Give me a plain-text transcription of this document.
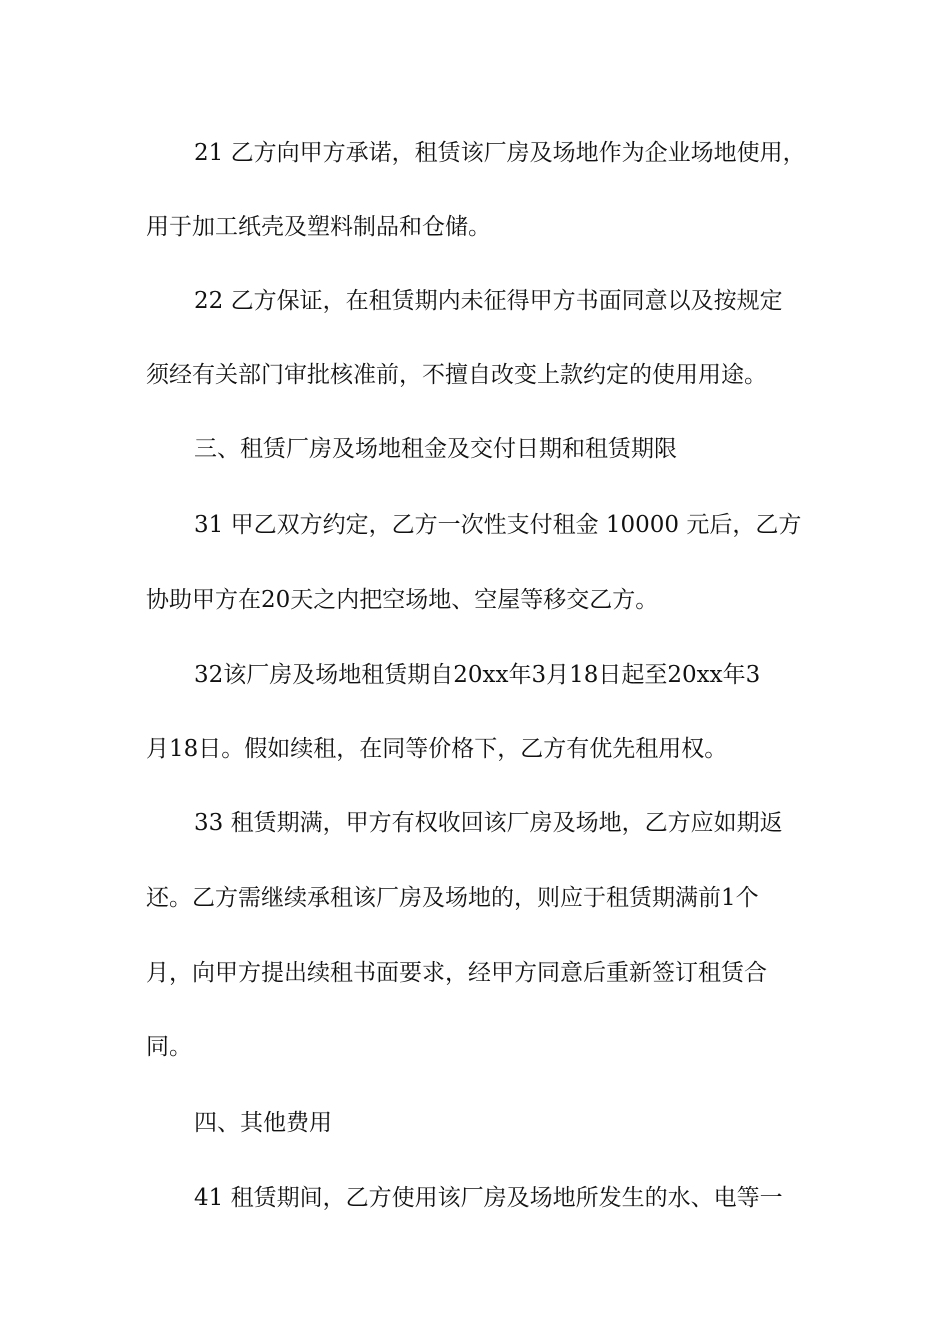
21 乙方向甲方承诺，租赁该厂房及场地作为企业场地使用，
用于加工纸壳及塑料制品和仓储。
22 乙方保证，在租赁期内未征得甲方书面同意以及按规定
须经有关部门审批核准前，不擅自改变上款约定的使用用途。
三、租赁厂房及场地租金及交付日期和租赁期限
31 甲乙双方约定，乙方一次性支付租金 10000 元后，乙方
协助甲方在20天之内把空场地、空屋等移交乙方。
32该厂房及场地租赁期自20xx年3月18日起至20xx年3
月18日。假如续租，在同等价格下，乙方有优先租用权。
33 租赁期满，甲方有权收回该厂房及场地，乙方应如期返
还。乙方需继续承租该厂房及场地的，则应于租赁期满前1个
月，向甲方提出续租书面要求，经甲方同意后重新签订租赁合
同。
四、其他费用
41 租赁期间，乙方使用该厂房及场地所发生的水、电等一
